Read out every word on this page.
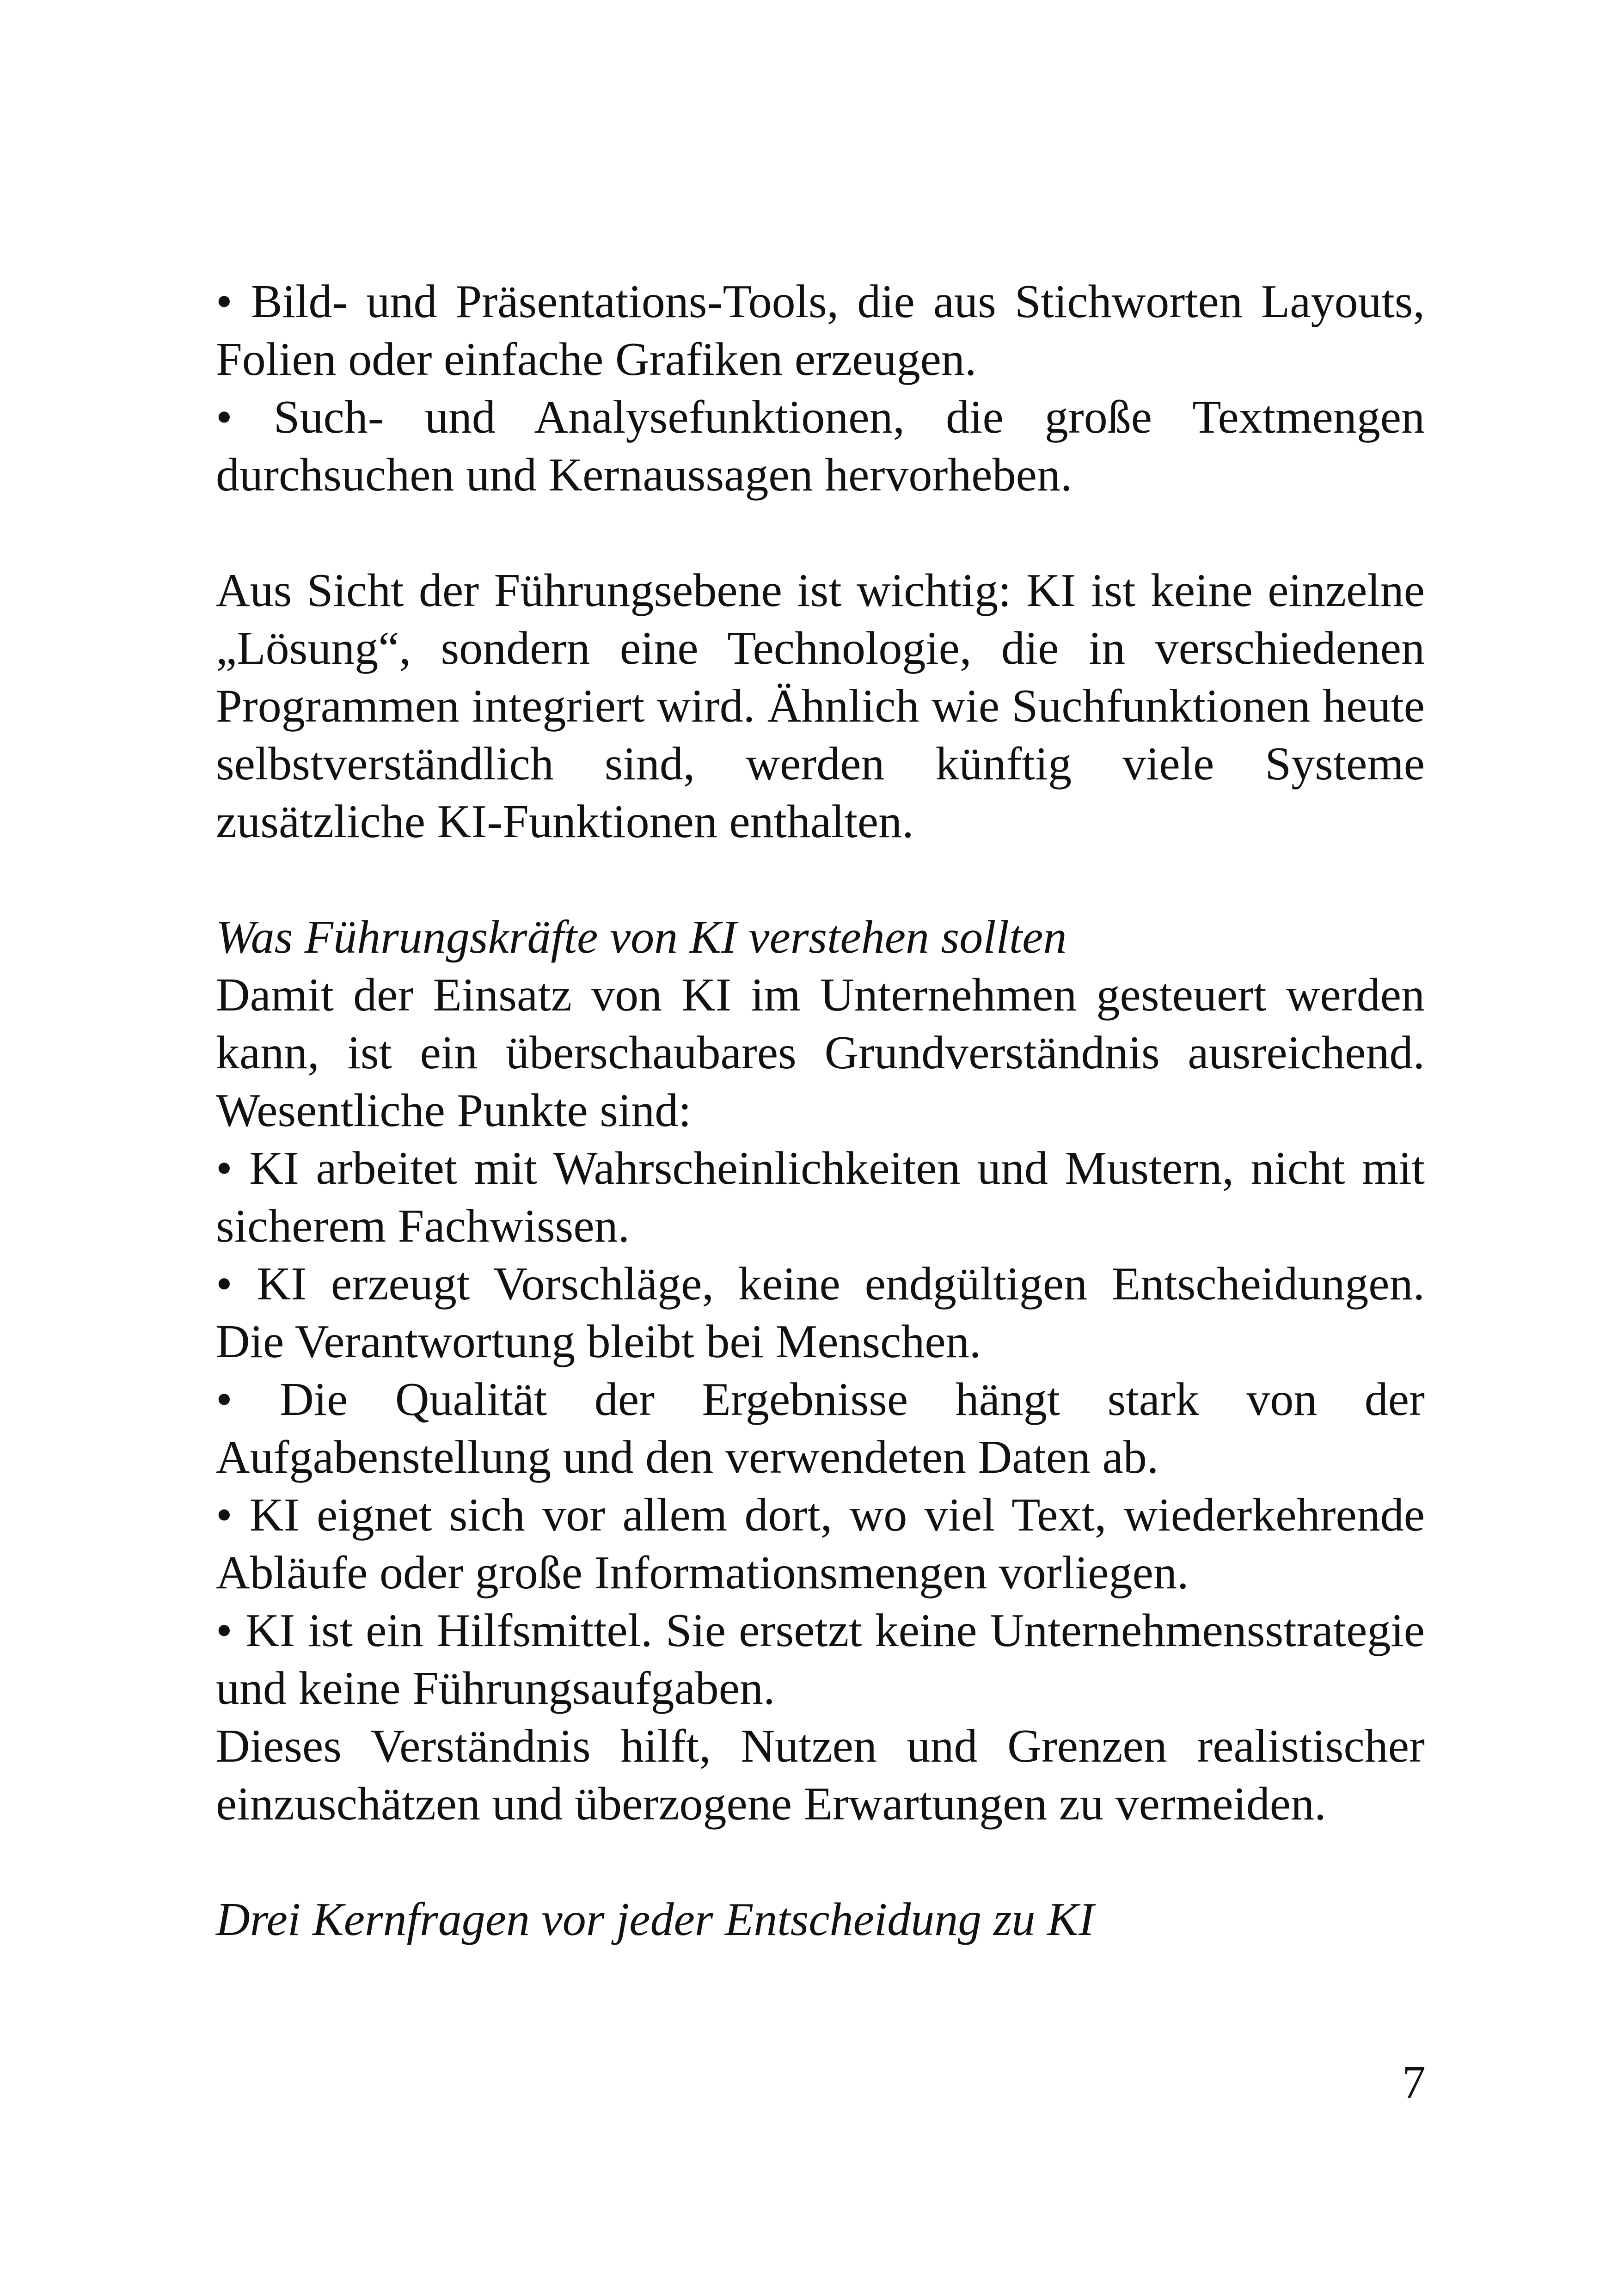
• Bild- und Präsentations-Tools, die aus Stichworten Layouts, Folien oder einfache Grafiken erzeugen.

• Such- und Analysefunktionen, die große Textmengen durchsuchen und Kernaussagen hervorheben.

Aus Sicht der Führungsebene ist wichtig: KI ist keine einzelne „Lösung“, sondern eine Technologie, die in verschiedenen Programmen integriert wird. Ähnlich wie Suchfunktionen heute selbstverständlich sind, werden künftig viele Systeme zusätzliche KI-Funktionen enthalten.

Was Führungskräfte von KI verstehen sollten

Damit der Einsatz von KI im Unternehmen gesteuert werden kann, ist ein überschaubares Grundverständnis ausreichend. Wesentliche Punkte sind:

• KI arbeitet mit Wahrscheinlichkeiten und Mustern, nicht mit sicherem Fachwissen.

• KI erzeugt Vorschläge, keine endgültigen Entscheidungen. Die Verantwortung bleibt bei Menschen.

• Die Qualität der Ergebnisse hängt stark von der Aufgabenstellung und den verwendeten Daten ab.

• KI eignet sich vor allem dort, wo viel Text, wiederkehrende Abläufe oder große Informationsmengen vorliegen.

• KI ist ein Hilfsmittel. Sie ersetzt keine Unternehmensstrategie und keine Führungsaufgaben.

Dieses Verständnis hilft, Nutzen und Grenzen realistischer einzuschätzen und überzogene Erwartungen zu vermeiden.

Drei Kernfragen vor jeder Entscheidung zu KI

7
